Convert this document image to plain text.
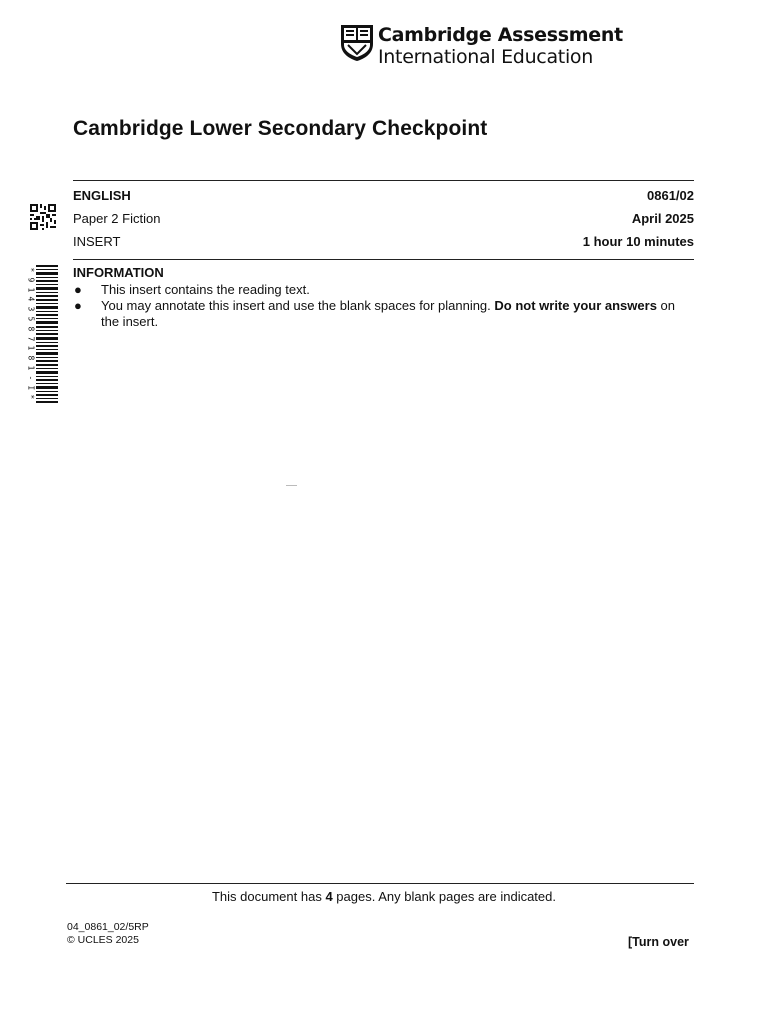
Cambridge Assessment
International Education
Cambridge Lower Secondary Checkpoint
ENGLISH	0861/02
Paper 2 Fiction	April 2025
INSERT	1 hour 10 minutes
*
9
1
4
3
5
8
7
1
8
1
-
I
*
INFORMATION
●	This insert contains the reading text.
●	You may annotate this insert and use the blank spaces for planning. Do not write your answers on the insert.
This document has 4 pages. Any blank pages are indicated.
04_0861_02/5RP
© UCLES 2025	[Turn over
